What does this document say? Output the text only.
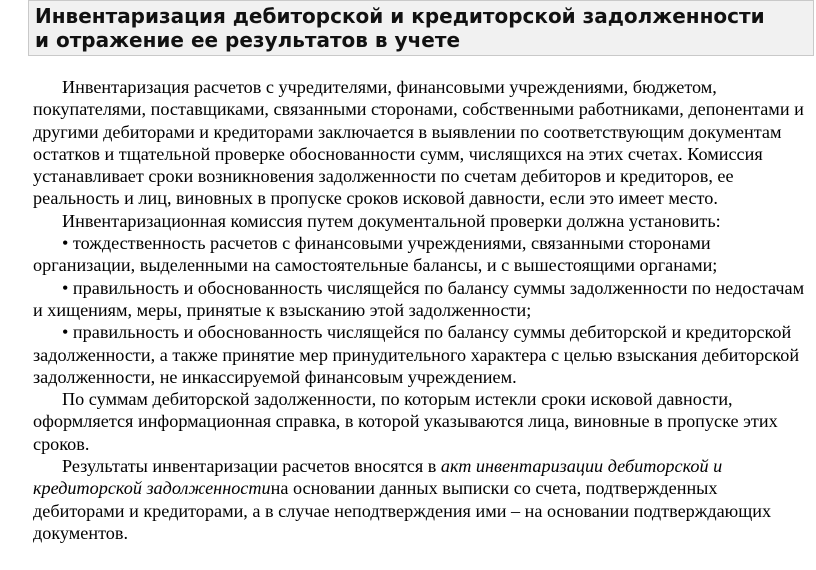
Инвентаризация дебиторской и кредиторской задолженности
и отражение ее результатов в учете

Инвентаризация расчетов с учредителями, финансовыми учреждениями, бюджетом, покупателями, поставщиками, связанными сторонами, собственными работниками, депонентами и другими дебиторами и кредиторами заключается в выявлении по соответствующим документам остатков и тщательной проверке обоснованности сумм, числящихся на этих счетах. Комиссия устанавливает сроки возникновения задолженности по счетам дебиторов и кредиторов, ее реальность и лиц, виновных в пропуске сроков исковой давности, если это имеет место.

Инвентаризационная комиссия путем документальной проверки должна установить:

• тождественность расчетов с финансовыми учреждениями, связанными сторонами организации, выделенными на самостоятельные балансы, и с вышестоящими органами;

• правильность и обоснованность числящейся по балансу суммы задолженности по недостачам и хищениям, меры, принятые к взысканию этой задолженности;

• правильность и обоснованность числящейся по балансу суммы дебиторской и кредиторской задолженности, а также принятие мер принудительного характера с целью взыскания дебиторской задолженности, не инкассируемой финансовым учреждением.

По суммам дебиторской задолженности, по которым истекли сроки исковой давности, оформляется информационная справка, в которой указываются лица, виновные в пропуске этих сроков.

Результаты инвентаризации расчетов вносятся в акт инвентаризации дебиторской и кредиторской задолженностина основании данных выписки со счета, подтвержденных дебиторами и кредиторами, а в случае неподтверждения ими – на основании подтверждающих документов.
